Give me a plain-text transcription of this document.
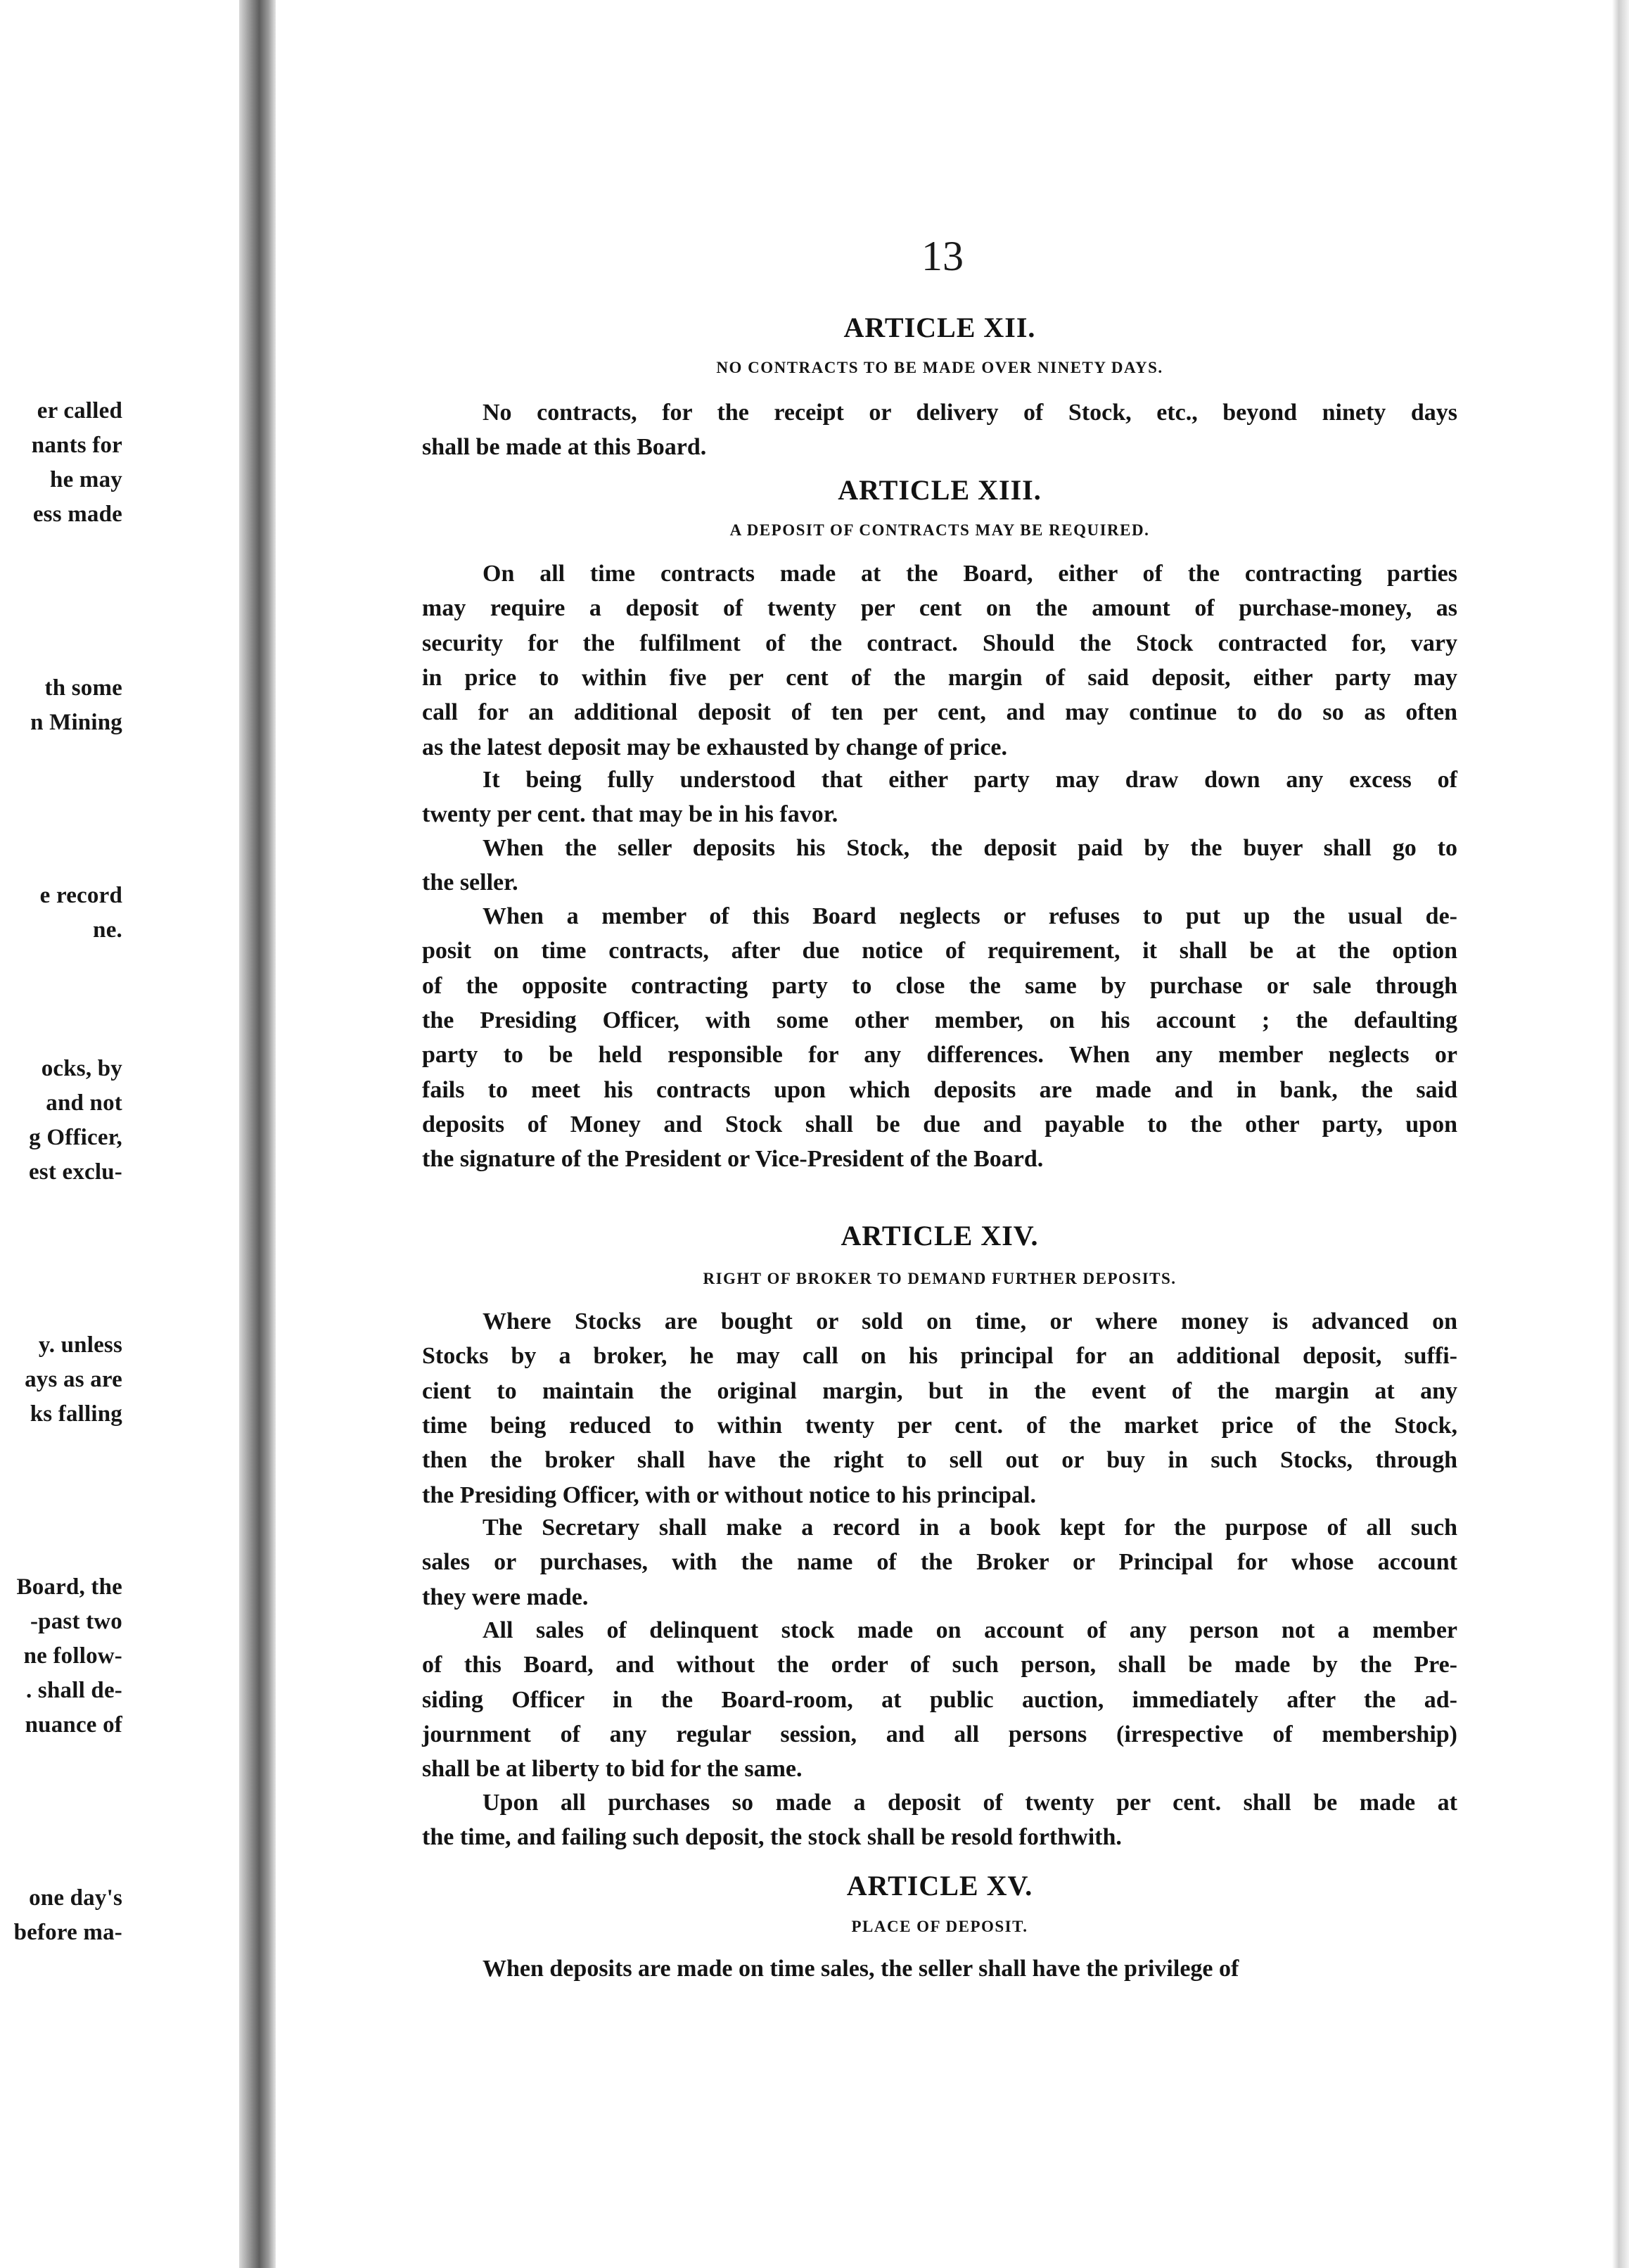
er called
nants for
he may
ess made
th some
n Mining
e record
ne.
ocks, by
and not
g Officer,
est exclu-
y. unless
ays as are
ks falling
Board, the
-past two
ne follow-
. shall de-
nuance of
one day's
before ma-
13
ARTICLE XII.
NO CONTRACTS TO BE MADE OVER NINETY DAYS.
No contracts, for the receipt or delivery of Stock, etc., beyond ninety days
shall be made at this Board.
ARTICLE XIII.
A DEPOSIT OF CONTRACTS MAY BE REQUIRED.
On all time contracts made at the Board, either of the contracting parties
may require a deposit of twenty per cent on the amount of purchase-money, as
security for the fulfilment of the contract. Should the Stock contracted for, vary
in price to within five per cent of the margin of said deposit, either party may
call for an additional deposit of ten per cent, and may continue to do so as often
as the latest deposit may be exhausted by change of price.
It being fully understood that either party may draw down any excess of
twenty per cent. that may be in his favor.
When the seller deposits his Stock, the deposit paid by the buyer shall go to
the seller.
When a member of this Board neglects or refuses to put up the usual de-
posit on time contracts, after due notice of requirement, it shall be at the option
of the opposite contracting party to close the same by purchase or sale through
the Presiding Officer, with some other member, on his account ; the defaulting
party to be held responsible for any differences. When any member neglects or
fails to meet his contracts upon which deposits are made and in bank, the said
deposits of Money and Stock shall be due and payable to the other party, upon
the signature of the President or Vice-President of the Board.
ARTICLE XIV.
RIGHT OF BROKER TO DEMAND FURTHER DEPOSITS.
Where Stocks are bought or sold on time, or where money is advanced on
Stocks by a broker, he may call on his principal for an additional deposit, suffi-
cient to maintain the original margin, but in the event of the margin at any
time being reduced to within twenty per cent. of the market price of the Stock,
then the broker shall have the right to sell out or buy in such Stocks, through
the Presiding Officer, with or without notice to his principal.
The Secretary shall make a record in a book kept for the purpose of all such
sales or purchases, with the name of the Broker or Principal for whose account
they were made.
All sales of delinquent stock made on account of any person not a member
of this Board, and without the order of such person, shall be made by the Pre-
siding Officer in the Board-room, at public auction, immediately after the ad-
journment of any regular session, and all persons (irrespective of membership)
shall be at liberty to bid for the same.
Upon all purchases so made a deposit of twenty per cent. shall be made at
the time, and failing such deposit, the stock shall be resold forthwith.
ARTICLE XV.
PLACE OF DEPOSIT.
When deposits are made on time sales, the seller shall have the privilege of
